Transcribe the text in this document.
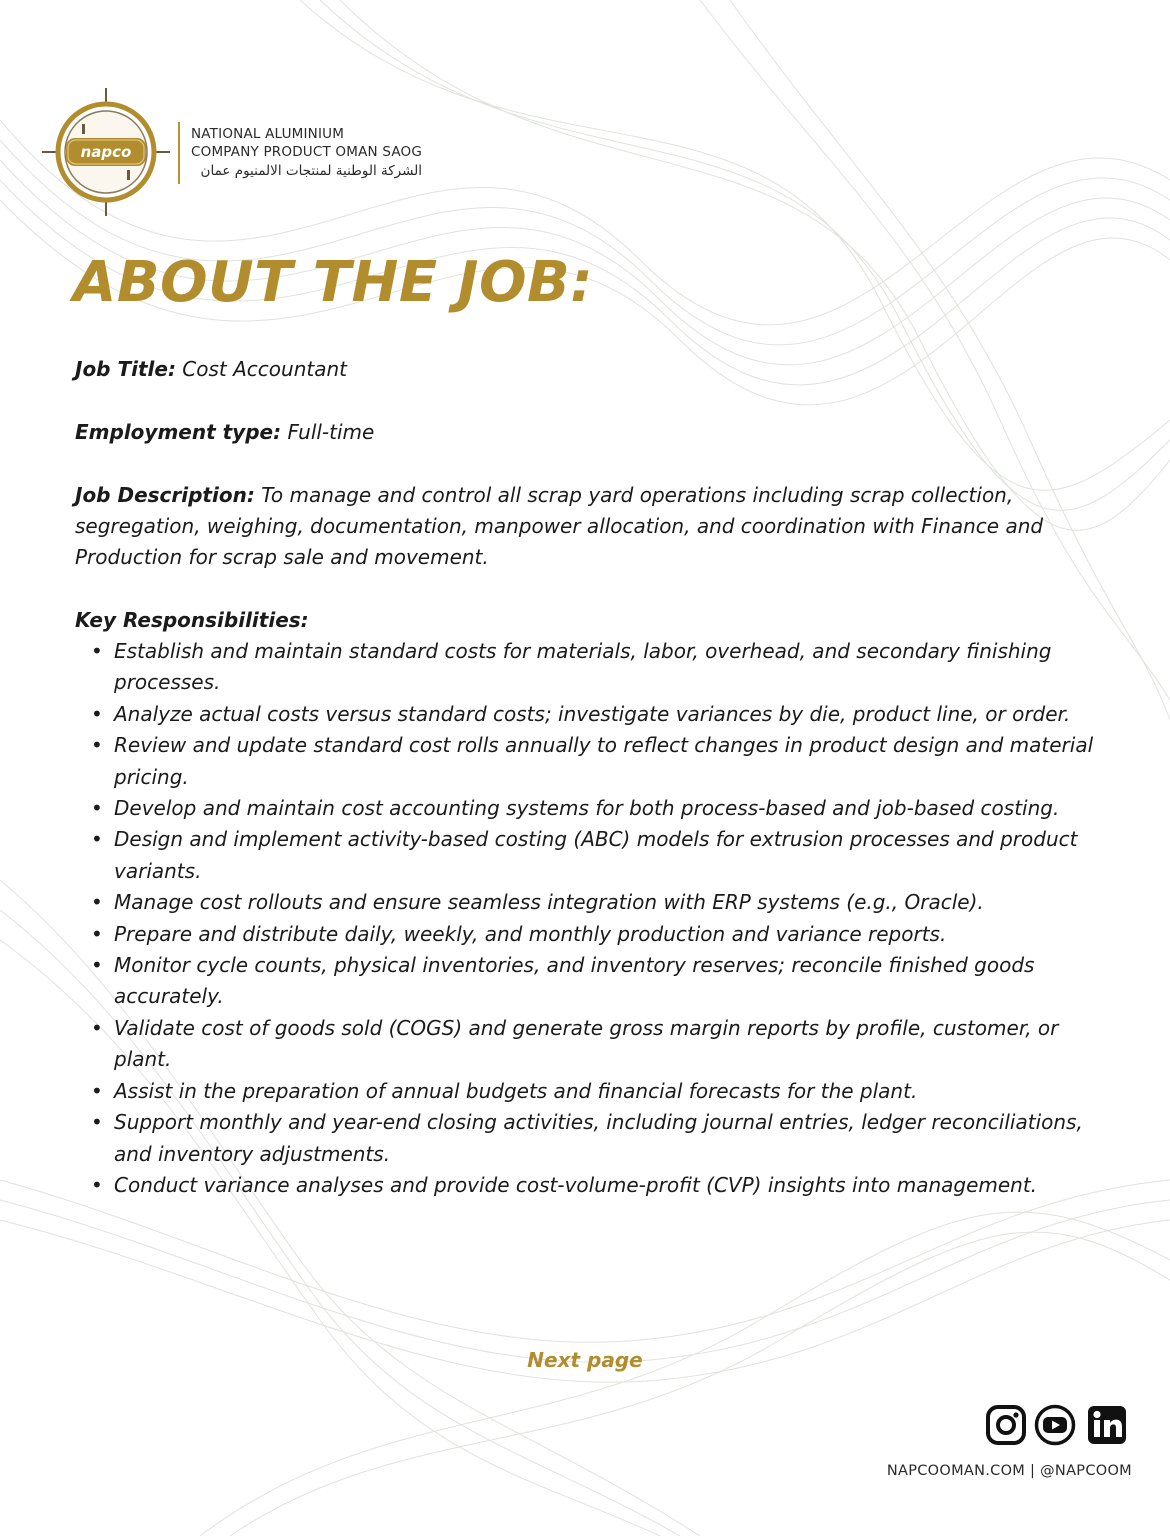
napco
NATIONAL ALUMINIUM
COMPANY PRODUCT OMAN SAOG
الشركة الوطنية لمنتجات الالمنيوم عمان
ABOUT THE JOB:

Job Title: Cost Accountant

Employment type: Full-time

Job Description: To manage and control all scrap yard operations including scrap collection, segregation, weighing, documentation, manpower allocation, and coordination with Finance and Production for scrap sale and movement.

Key Responsibilities:

• Establish and maintain standard costs for materials, labor, overhead, and secondary finishing processes.
• Analyze actual costs versus standard costs; investigate variances by die, product line, or order.
• Review and update standard cost rolls annually to reflect changes in product design and material pricing.
• Develop and maintain cost accounting systems for both process-based and job-based costing.
• Design and implement activity-based costing (ABC) models for extrusion processes and product variants.
• Manage cost rollouts and ensure seamless integration with ERP systems (e.g., Oracle).
• Prepare and distribute daily, weekly, and monthly production and variance reports.
• Monitor cycle counts, physical inventories, and inventory reserves; reconcile finished goods accurately.
• Validate cost of goods sold (COGS) and generate gross margin reports by profile, customer, or plant.
• Assist in the preparation of annual budgets and financial forecasts for the plant.
• Support monthly and year-end closing activities, including journal entries, ledger reconciliations, and inventory adjustments.
• Conduct variance analyses and provide cost-volume-profit (CVP) insights into management.
Next page
NAPCOOMAN.COM | @NAPCOOM
